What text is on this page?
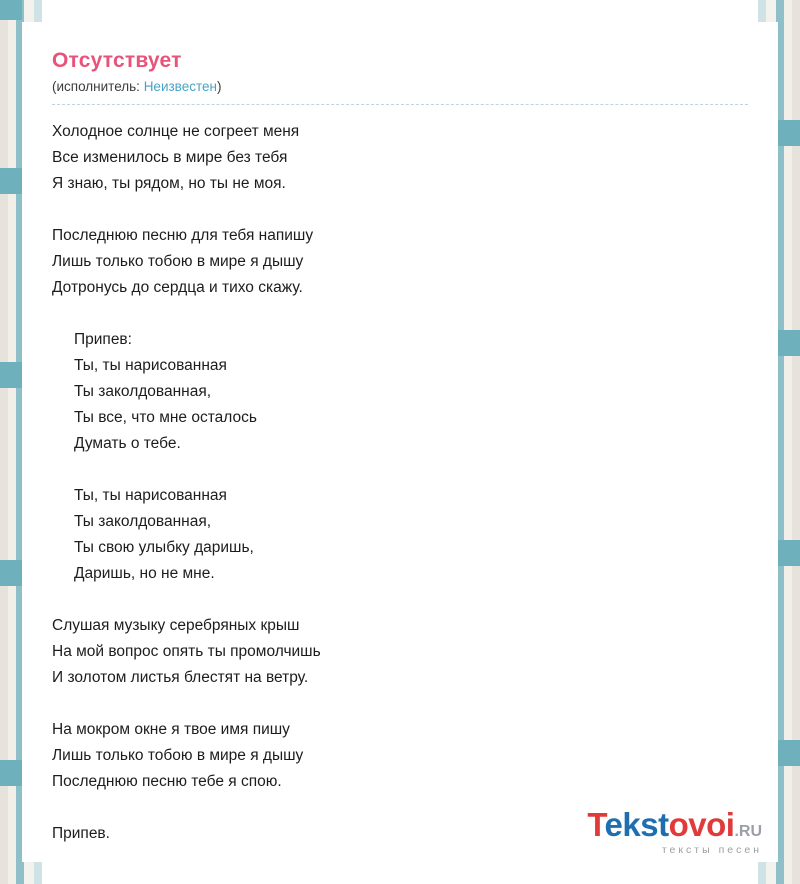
Отсутствует
(исполнитель: Неизвестен)
Холодное солнце не согреет меня
Все изменилось в мире без тебя
Я знаю, ты рядом, но ты не моя.
Последнюю песню для тебя напишу
Лишь только тобою в мире я дышу
Дотронусь до сердца и тихо скажу.
Припев:
Ты, ты нарисованная
Ты заколдованная,
Ты все, что мне осталось
Думать о тебе.
Ты, ты нарисованная
Ты заколдованная,
Ты свою улыбку даришь,
Даришь, но не мне.
Слушая музыку серебряных крыш
На мой вопрос опять ты промолчишь
И золотом листья блестят на ветру.
На мокром окне я твое имя пишу
Лишь только тобою в мире я дышу
Последнюю песню тебе я спою.
Припев.	Tekstovoi.RU
тексты песен
